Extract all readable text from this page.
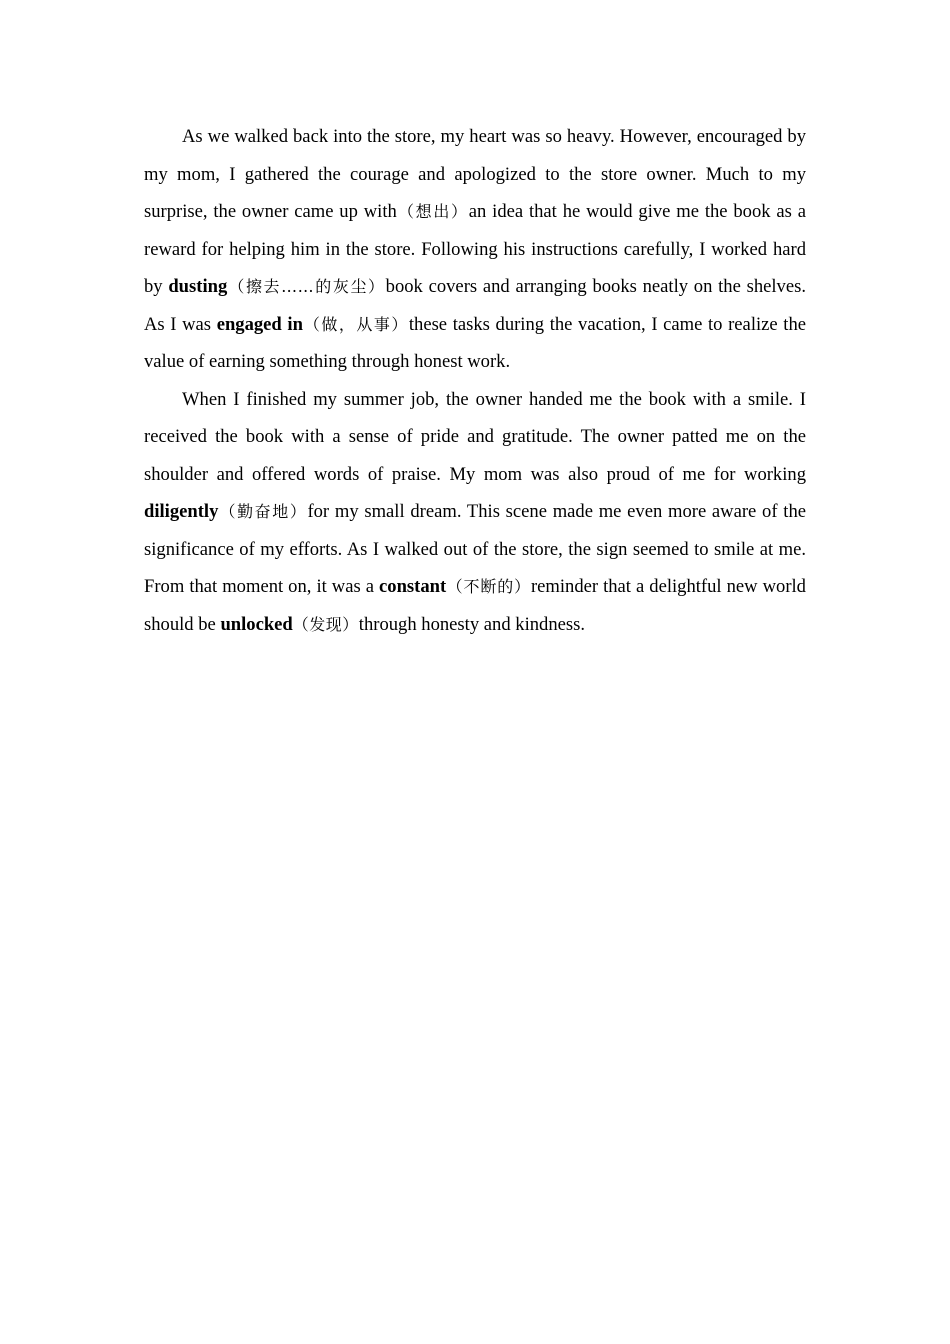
As we walked back into the store, my heart was so heavy. However, encouraged by my mom, I gathered the courage and apologized to the store owner. Much to my surprise, the owner came up with（想出）an idea that he would give me the book as a reward for helping him in the store. Following his instructions carefully, I worked hard by dusting（擦去……的灰尘）book covers and arranging books neatly on the shelves. As I was engaged in（做，从事）these tasks during the vacation, I came to realize the value of earning something through honest work.

When I finished my summer job, the owner handed me the book with a smile. I received the book with a sense of pride and gratitude. The owner patted me on the shoulder and offered words of praise. My mom was also proud of me for working diligently（勤奋地）for my small dream. This scene made me even more aware of the significance of my efforts. As I walked out of the store, the sign seemed to smile at me. From that moment on, it was a constant（不断的）reminder that a delightful new world should be unlocked（发现）through honesty and kindness.
